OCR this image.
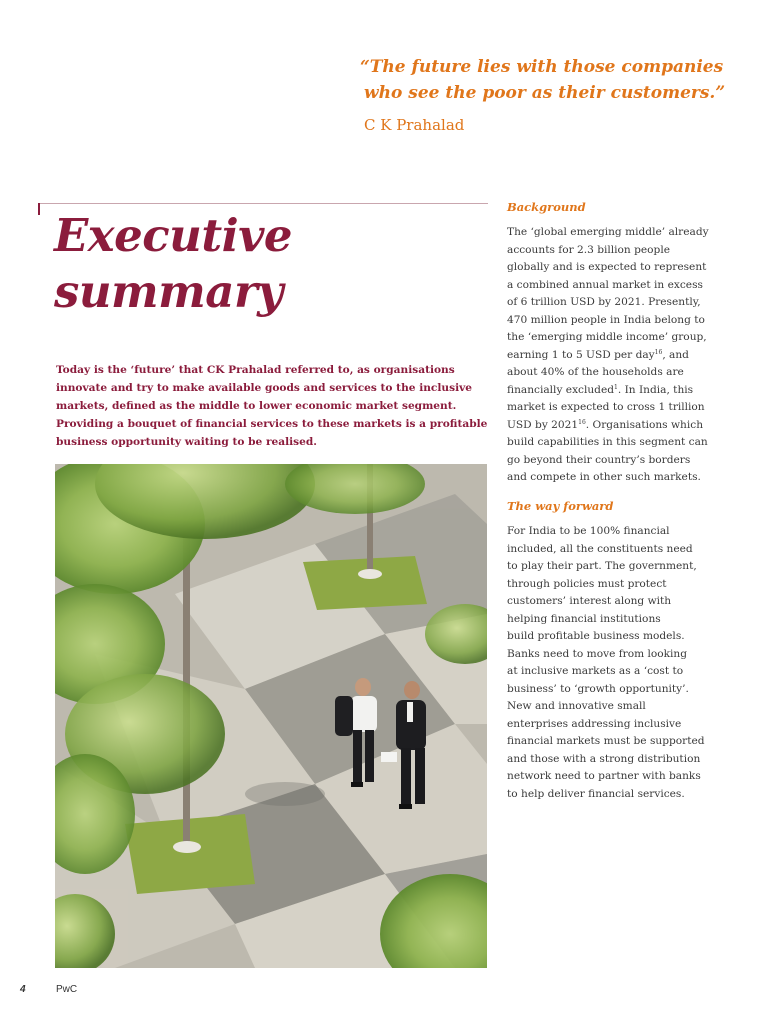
“The future lies with those companies
who see the poor as their customers.”
C K Prahalad
Executive
summary
Today is the ‘future’ that CK Prahalad referred to, as organisations
innovate and try to make available goods and services to the inclusive
markets, defined as the middle to lower economic market segment.
Providing a bouquet of financial services to these markets is a profitable
business opportunity waiting to be realised.
Background
The ‘global emerging middle’ already
accounts for 2.3 billion people
globally and is expected to represent
a combined annual market in excess
of 6 trillion USD by 2021. Presently,
470 million people in India belong to
the ‘emerging middle income’ group,
earning 1 to 5 USD per day$^{16}$, and
about 40% of the households are
financially excluded$^1$. In India, this
market is expected to cross 1 trillion
USD by 2021$^{16}$. Organisations which
build capabilities in this segment can
go beyond their country’s borders
and compete in other such markets.
The way forward
For India to be 100% financial
included, all the constituents need
to play their part. The government,
through policies must protect
customers’ interest along with
helping financial institutions
build profitable business models.
Banks need to move from looking
at inclusive markets as a ‘cost to
business’ to ‘growth opportunity’.
New and innovative small
enterprises addressing inclusive
financial markets must be supported
and those with a strong distribution
network need to partner with banks
to help deliver financial services.
4	PwC
